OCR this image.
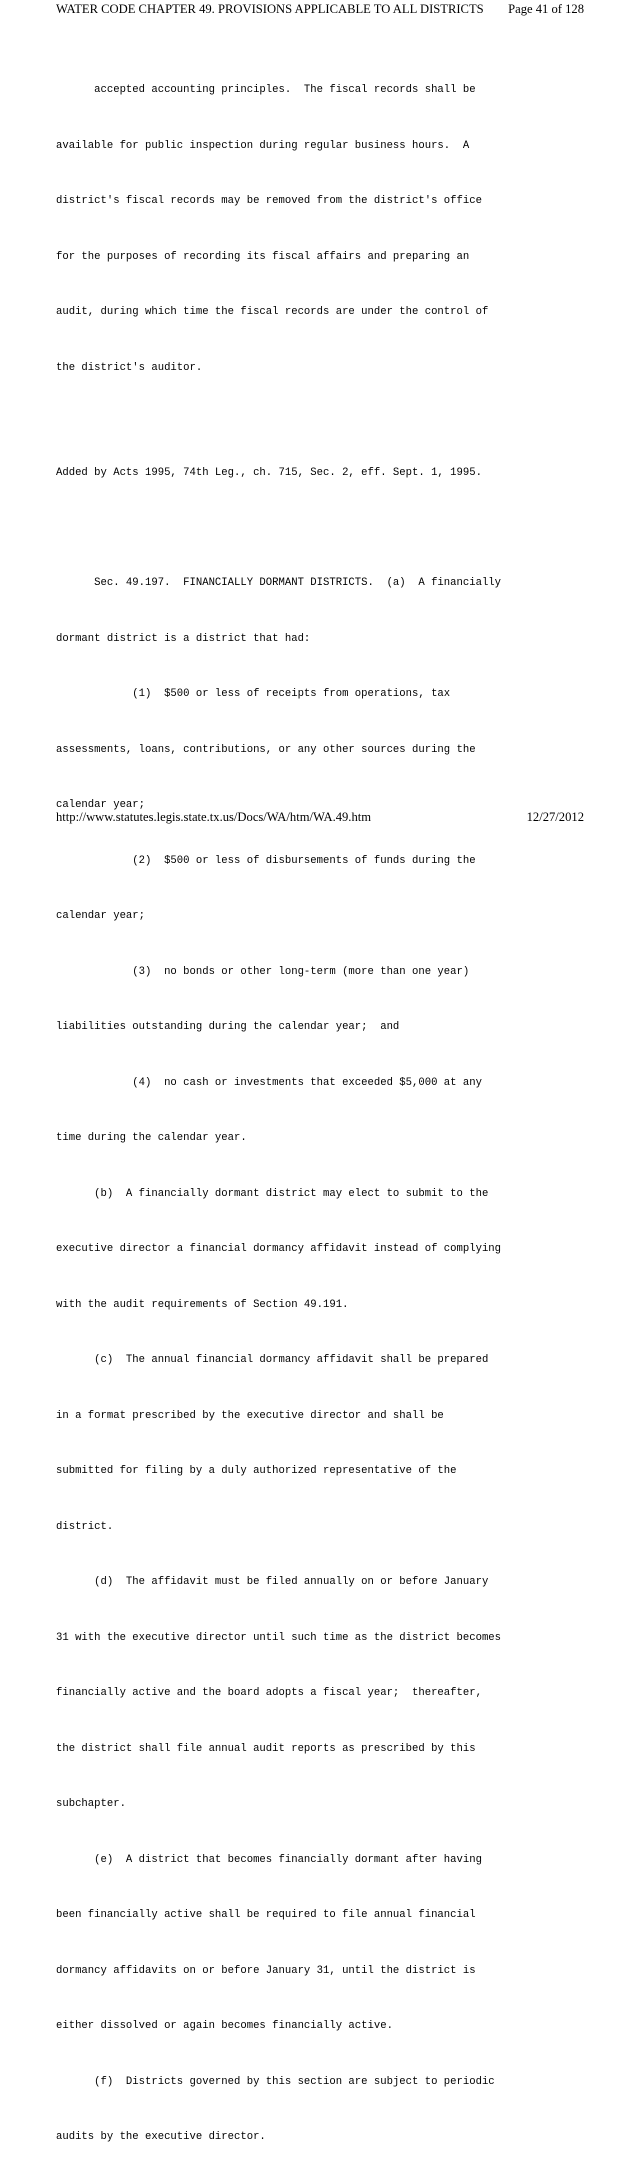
WATER CODE CHAPTER 49. PROVISIONS APPLICABLE TO ALL DISTRICTS Page 41 of 128

accepted accounting principles.  The fiscal records shall be

available for public inspection during regular business hours.  A

district's fiscal records may be removed from the district's office

for the purposes of recording its fiscal affairs and preparing an

audit, during which time the fiscal records are under the control of

the district's auditor.

Added by Acts 1995, 74th Leg., ch. 715, Sec. 2, eff. Sept. 1, 1995.

Sec. 49.197.  FINANCIALLY DORMANT DISTRICTS.  (a)  A financially

dormant district is a district that had:

(1)  $500 or less of receipts from operations, tax

assessments, loans, contributions, or any other sources during the

calendar year;

(2)  $500 or less of disbursements of funds during the

calendar year;

(3)  no bonds or other long-term (more than one year)

liabilities outstanding during the calendar year;  and

(4)  no cash or investments that exceeded $5,000 at any

time during the calendar year.

(b)  A financially dormant district may elect to submit to the

executive director a financial dormancy affidavit instead of complying

with the audit requirements of Section 49.191.

(c)  The annual financial dormancy affidavit shall be prepared

in a format prescribed by the executive director and shall be

submitted for filing by a duly authorized representative of the

district.

(d)  The affidavit must be filed annually on or before January

31 with the executive director until such time as the district becomes

financially active and the board adopts a fiscal year;  thereafter,

the district shall file annual audit reports as prescribed by this

subchapter.

(e)  A district that becomes financially dormant after having

been financially active shall be required to file annual financial

dormancy affidavits on or before January 31, until the district is

either dissolved or again becomes financially active.

(f)  Districts governed by this section are subject to periodic

audits by the executive director.

http://www.statutes.legis.state.tx.us/Docs/WA/htm/WA.49.htm	12/27/2012
